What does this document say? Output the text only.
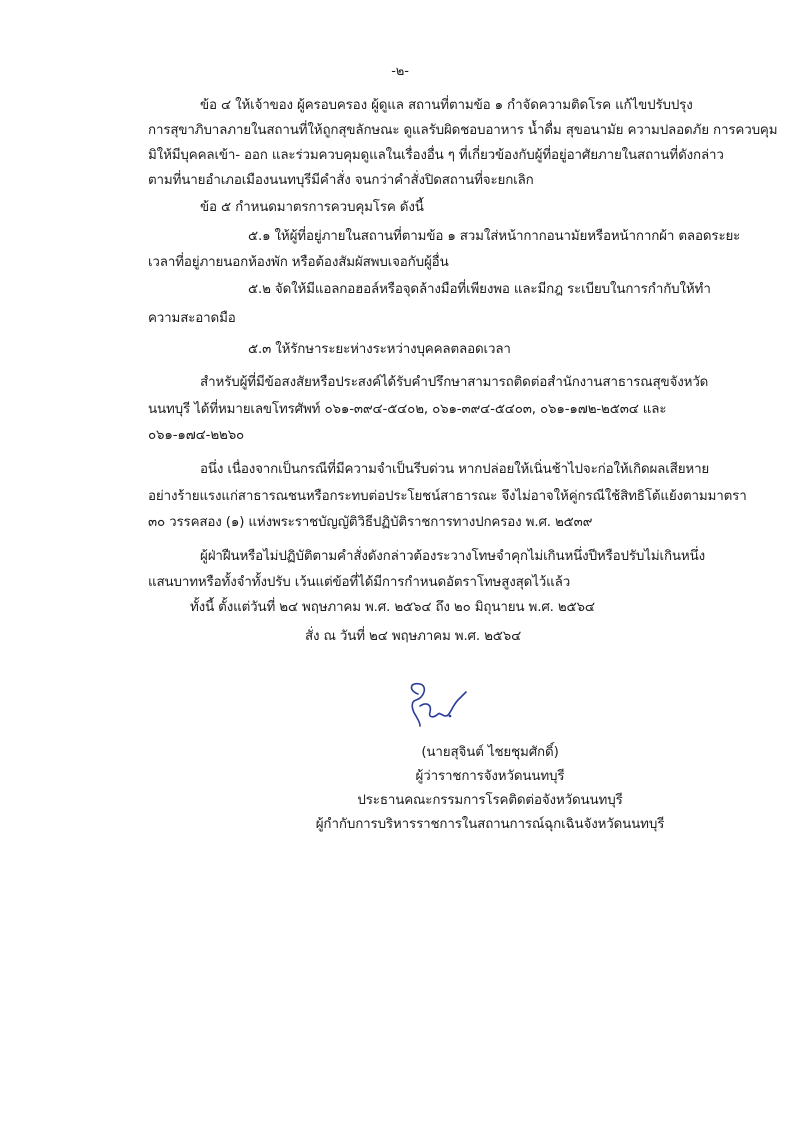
-๒-
ข้อ ๔ ให้เจ้าของ ผู้ครอบครอง ผู้ดูแล สถานที่ตามข้อ ๑ กำจัดความติดโรค แก้ไขปรับปรุง
การสุขาภิบาลภายในสถานที่ให้ถูกสุขลักษณะ ดูแลรับผิดชอบอาหาร น้ำดื่ม สุขอนามัย ความปลอดภัย การควบคุม
มิให้มีบุคคลเข้า- ออก และร่วมควบคุมดูแลในเรื่องอื่น ๆ ที่เกี่ยวข้องกับผู้ที่อยู่อาศัยภายในสถานที่ดังกล่าว
ตามที่นายอำเภอเมืองนนทบุรีมีคำสั่ง จนกว่าคำสั่งปิดสถานที่จะยกเลิก
ข้อ ๕ กำหนดมาตรการควบคุมโรค ดังนี้
๕.๑ ให้ผู้ที่อยู่ภายในสถานที่ตามข้อ ๑ สวมใส่หน้ากากอนามัยหรือหน้ากากผ้า ตลอดระยะ
เวลาที่อยู่ภายนอกห้องพัก หรือต้องสัมผัสพบเจอกับผู้อื่น
๕.๒ จัดให้มีแอลกอฮอล์หรือจุดล้างมือที่เพียงพอ และมีกฎ ระเบียบในการกำกับให้ทำ
ความสะอาดมือ
๕.๓ ให้รักษาระยะห่างระหว่างบุคคลตลอดเวลา
สำหรับผู้ที่มีข้อสงสัยหรือประสงค์ได้รับคำปรึกษาสามารถติดต่อสำนักงานสาธารณสุขจังหวัด
นนทบุรี ได้ที่หมายเลขโทรศัพท์ ๐๖๑-๓๙๔-๕๔๐๒, ๐๖๑-๓๙๔-๕๔๐๓, ๐๖๑-๑๗๒-๒๕๓๔ และ
๐๖๑-๑๗๔-๒๒๖๐
อนึ่ง เนื่องจากเป็นกรณีที่มีความจำเป็นรีบด่วน หากปล่อยให้เนิ่นช้าไปจะก่อให้เกิดผลเสียหาย
อย่างร้ายแรงแก่สาธารณชนหรือกระทบต่อประโยชน์สาธารณะ จึงไม่อาจให้คู่กรณีใช้สิทธิโต้แย้งตามมาตรา
๓๐ วรรคสอง (๑) แห่งพระราชบัญญัติวิธีปฏิบัติราชการทางปกครอง พ.ศ. ๒๕๓๙
ผู้ฝ่าฝืนหรือไม่ปฏิบัติตามคำสั่งดังกล่าวต้องระวางโทษจำคุกไม่เกินหนึ่งปีหรือปรับไม่เกินหนึ่ง
แสนบาทหรือทั้งจำทั้งปรับ เว้นแต่ข้อที่ได้มีการกำหนดอัตราโทษสูงสุดไว้แล้ว
ทั้งนี้ ตั้งแต่วันที่ ๒๔ พฤษภาคม พ.ศ. ๒๕๖๔ ถึง ๒๐ มิถุนายน พ.ศ. ๒๕๖๔
สั่ง ณ วันที่ ๒๔ พฤษภาคม พ.ศ. ๒๕๖๔
(นายสุจินต์ ไชยชุมศักดิ์)
ผู้ว่าราชการจังหวัดนนทบุรี
ประธานคณะกรรมการโรคติดต่อจังหวัดนนทบุรี
ผู้กำกับการบริหารราชการในสถานการณ์ฉุกเฉินจังหวัดนนทบุรี
